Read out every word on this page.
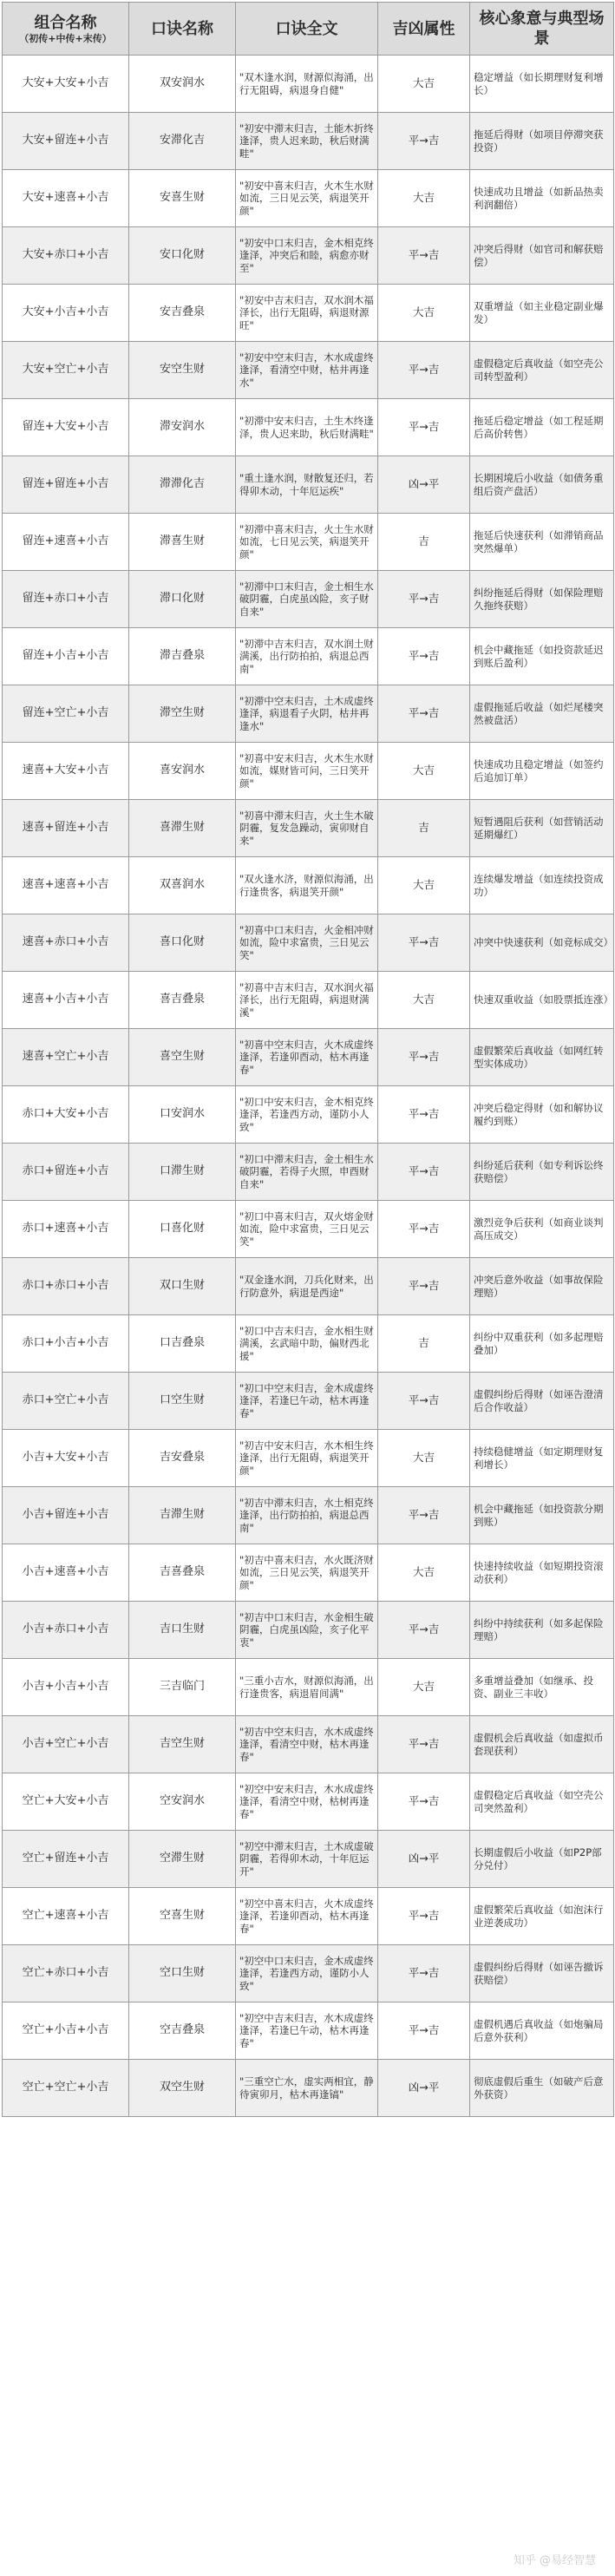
组合名称
（初传+中传+末传）	口诀名称	口诀全文	吉凶属性	核心象意与典型场景
大安+大安+小吉	双安润水	"双木逢水润，财源似海涌，出行无阻碍，病退身自健"	大吉	稳定增益（如长期理财复利增长）
大安+留连+小吉	安滞化吉	"初安中滞末归吉，土能木折终逢泽，贵人迟来助，秋后财满畦"	平→吉	拖延后得财（如项目停滞突获投资）
大安+速喜+小吉	安喜生财	"初安中喜末归吉，火木生水财如流，三日见云笑，病退笑开颜"	大吉	快速成功且增益（如新品热卖利润翻倍）
大安+赤口+小吉	安口化财	"初安中口末归吉，金木相克终逢泽，冲突后和睦，病愈亦财至"	平→吉	冲突后得财（如官司和解获赔偿）
大安+小吉+小吉	安吉叠泉	"初安中吉末归吉，双水润木福泽长，出行无阻碍，病退财源旺"	大吉	双重增益（如主业稳定副业爆发）
大安+空亡+小吉	安空生财	"初安中空末归吉，木水成虚终逢泽，看清空中财，枯井再逢水"	平→吉	虚假稳定后真收益（如空壳公司转型盈利）
留连+大安+小吉	滞安润水	"初滞中安末归吉，土生木终逢泽，贵人迟来助，秋后财满畦"	平→吉	拖延后稳定增益（如工程延期后高价转售）
留连+留连+小吉	滞滞化吉	"重土逢水润，财散复还归，若得卯木动，十年厄运疾"	凶→平	长期困境后小收益（如债务重组后资产盘活）
留连+速喜+小吉	滞喜生财	"初滞中喜末归吉，火土生水财如流，七日见云笑，病退笑开颜"	吉	拖延后快速获利（如滞销商品突然爆单）
留连+赤口+小吉	滞口化财	"初滞中口末归吉，金土相生水破阴霾，白虎虽凶险，亥子财自来"	平→吉	纠纷拖延后得财（如保险理赔久拖终获赔）
留连+小吉+小吉	滞吉叠泉	"初滞中吉末归吉，双水润土财满溪，出行防拍拍，病退总西南"	平→吉	机会中藏拖延（如投资款延迟到账后盈利）
留连+空亡+小吉	滞空生财	"初滞中空末归吉，土木成虚终逢泽，病退看子火阴，枯井再逢水"	平→吉	虚假拖延后收益（如烂尾楼突然被盘活）
速喜+大安+小吉	喜安润水	"初喜中安末归吉，火木生水财如流，媒财皆可问，三日笑开颜"	大吉	快速成功且稳定增益（如签约后追加订单）
速喜+留连+小吉	喜滞生财	"初喜中滞末归吉，火土生木破阴霾，复发急躁动，寅卯财自来"	吉	短暂遇阻后获利（如营销活动延期爆红）
速喜+速喜+小吉	双喜润水	"双火逢水济，财源似海涌，出行逢贵客，病退笑开颜"	大吉	连续爆发增益（如连续投资成功）
速喜+赤口+小吉	喜口化财	"初喜中口末归吉，火金相冲财如流，险中求富贵，三日见云笑"	平→吉	冲突中快速获利（如竞标成交）
速喜+小吉+小吉	喜吉叠泉	"初喜中吉末归吉，双水润火福泽长，出行无阻碍，病退财满溪"	大吉	快速双重收益（如股票抵连涨）
速喜+空亡+小吉	喜空生财	"初喜中空末归吉，火木成虚终逢泽，若逢卯酉动，枯木再逢春"	平→吉	虚假繁荣后真收益（如网红转型实体成功）
赤口+大安+小吉	口安润水	"初口中安末归吉，金木相克终逢泽，若逢西方动，谨防小人致"	平→吉	冲突后稳定得财（如和解协议履约到账）
赤口+留连+小吉	口滞生财	"初口中滞末归吉，金土相生水破阴霾，若得子火照，申酉财自来"	平→吉	纠纷延后获利（如专利诉讼终获赔偿）
赤口+速喜+小吉	口喜化财	"初口中喜末归吉，双火熔金财如流，险中求富贵，三日见云笑"	平→吉	激烈竞争后获利（如商业谈判高压成交）
赤口+赤口+小吉	双口生财	"双金逢水润，刀兵化财来，出行防意外，病退是西途"	平→吉	冲突后意外收益（如事故保险理赔）
赤口+小吉+小吉	口吉叠泉	"初口中吉末归吉，金水相生财满溪，玄武暗中助，偏财西北援"	吉	纠纷中双重获利（如多起理赔叠加）
赤口+空亡+小吉	口空生财	"初口中空末归吉，金木成虚终逢泽，若逢巳午动，枯木再逢春"	平→吉	虚假纠纷后得财（如诬告澄清后合作收益）
小吉+大安+小吉	吉安叠泉	"初吉中安末归吉，水木相生终逢泽，出行无阻碍，病退笑开颜"	大吉	持续稳健增益（如定期理财复利增长）
小吉+留连+小吉	吉滞生财	"初吉中滞末归吉，水土相克终逢泽，出行防拍拍，病退总西南"	平→吉	机会中藏拖延（如投资款分期到账）
小吉+速喜+小吉	吉喜叠泉	"初吉中喜末归吉，水火既济财如流，三日见云笑，病退笑开颜"	大吉	快速持续收益（如短期投资滚动获利）
小吉+赤口+小吉	吉口生财	"初吉中口末归吉，水金相生破阴霾，白虎虽凶险，亥子化平衷"	平→吉	纠纷中持续获利（如多起保险理赔）
小吉+小吉+小吉	三吉临门	"三重小吉水，财源似海涌，出行逢贵客，病退眉间满"	大吉	多重增益叠加（如继承、投资、副业三丰收）
小吉+空亡+小吉	吉空生财	"初吉中空末归吉，水木成虚终逢泽，看清空中财，枯木再逢春"	平→吉	虚假机会后真收益（如虚拟币套现获利）
空亡+大安+小吉	空安润水	"初空中安末归吉，木水成虚终逢泽，看清空中财，枯树再逢春"	平→吉	虚假稳定后真收益（如空壳公司突然盈利）
空亡+留连+小吉	空滞生财	"初空中滞末归吉，土木成虚破阴霾，若得卯木动，十年厄运开"	凶→平	长期虚假后小收益（如P2P部分兑付）
空亡+速喜+小吉	空喜生财	"初空中喜末归吉，火木成虚终逢泽，若逢卯酉动，枯木再逢春"	平→吉	虚假繁荣后真收益（如泡沫行业逆袭成功）
空亡+赤口+小吉	空口生财	"初空中口末归吉，金木成虚终逢泽，若逢西方动，谨防小人致"	平→吉	虚假纠纷后得财（如诬告撤诉获赔偿）
空亡+小吉+小吉	空吉叠泉	"初空中吉末归吉，水木成虚终逢泽，若逢巳午动，枯木再逢春"	平→吉	虚假机遇后真收益（如炮骗局后意外获利）
空亡+空亡+小吉	双空生财	"三重空亡水，虚实两相宜，静待寅卯月，枯木再逢镐"	凶→平	彻底虚假后重生（如破产后意外获资）
知乎 @易经智慧
